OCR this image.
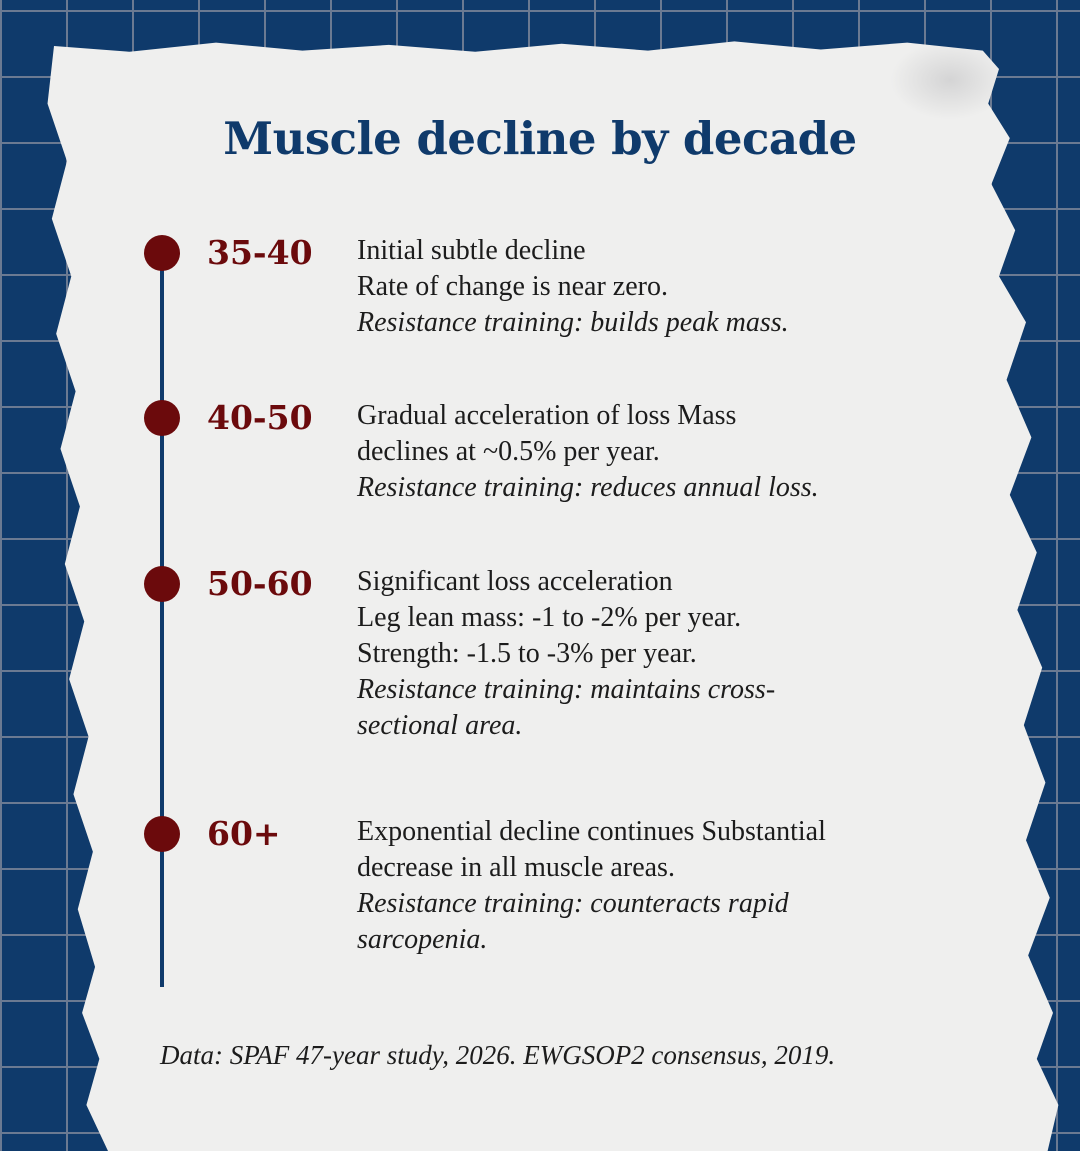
Muscle decline by decade
35-40 Initial subtle decline

Rate of change is near zero.

Resistance training: builds peak mass.

40-50 Gradual acceleration of loss Mass

declines at ~0.5% per year.

Resistance training: reduces annual loss.

50-60 Significant loss acceleration

Leg lean mass: -1 to -2% per year.

Strength: -1.5 to -3% per year.

Resistance training: maintains cross-sectional area.

60+	Exponential decline continues Substantial decrease in all muscle areas.

Resistance training: counteracts rapid sarcopenia.

Data: SPAF 47-year study, 2026. EWGSOP2 consensus, 2019.
